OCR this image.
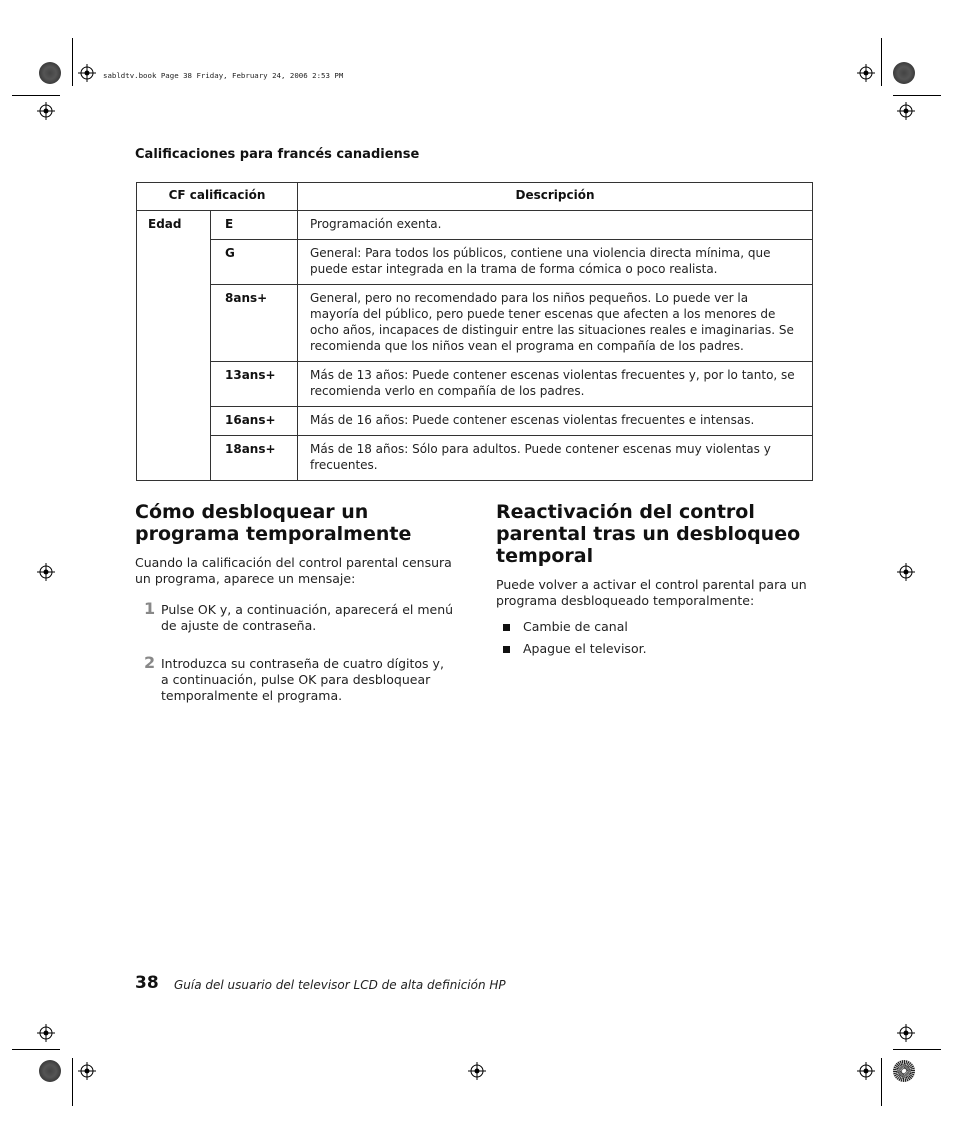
sabldtv.book Page 38 Friday, February 24, 2006 2:53 PM
Calificaciones para francés canadiense
CF calificación		Descripción
Edad	E	Programación exenta.
	G	General: Para todos los públicos, contiene una violencia directa mínima, que puede estar integrada en la trama de forma cómica o poco realista.
	8ans+	General, pero no recomendado para los niños pequeños. Lo puede ver la mayoría del público, pero puede tener escenas que afecten a los menores de ocho años, incapaces de distinguir entre las situaciones reales e imaginarias. Se recomienda que los niños vean el programa en compañía de los padres.
	13ans+	Más de 13 años: Puede contener escenas violentas frecuentes y, por lo tanto, se recomienda verlo en compañía de los padres.
	16ans+	Más de 16 años: Puede contener escenas violentas frecuentes e intensas.
	18ans+	Más de 18 años: Sólo para adultos. Puede contener escenas muy violentas y frecuentes.
Cómo desbloquear un programa temporalmente

Cuando la calificación del control parental censura un programa, aparece un mensaje:

1 Pulse OK y, a continuación, aparecerá el menú de ajuste de contraseña.
2 Introduzca su contraseña de cuatro dígitos y, a continuación, pulse OK para desbloquear temporalmente el programa.
Reactivación del control parental tras un desbloqueo temporal

Puede volver a activar el control parental para un programa desbloqueado temporalmente:

Cambie de canal
Apague el televisor.
38 Guía del usuario del televisor LCD de alta definición HP
